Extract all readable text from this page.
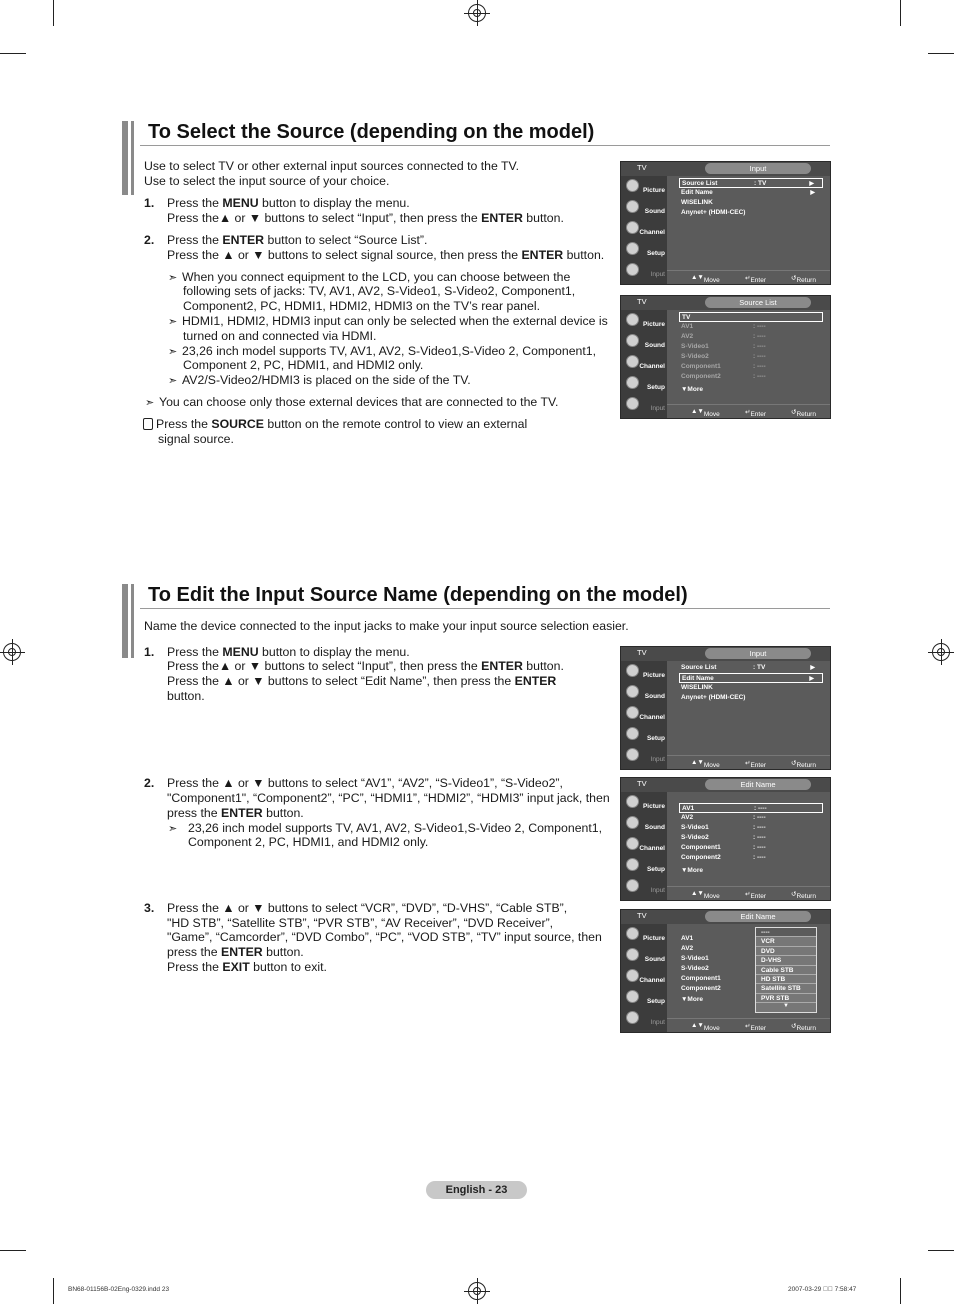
To Select the Source (depending on the model)
Use to select TV or other external input sources connected to the TV.
Use to select the input source of your choice.
1. Press the MENU button to display the menu.
Press the▲ or ▼ buttons to select “Input”, then press the ENTER button.
2. Press the ENTER button to select “Source List”.
Press the ▲ or ▼ buttons to select signal source, then press the ENTER button.
➣ When you connect equipment to the LCD, you can choose between the
following sets of jacks: TV, AV1, AV2, S-Video1, S-Video2, Component1,
Component2, PC, HDMI1, HDMI2, HDMI3 on the TV’s rear panel.
➣ HDMI1, HDMI2, HDMI3 input can only be selected when the external device is
turned on and connected via HDMI.
➣ 23,26 inch model supports TV, AV1, AV2, S-Video1,S-Video 2, Component1,
Component 2, PC, HDMI1, and HDMI2 only.
➣ AV2/S-Video2/HDMI3 is placed on the side of the TV.
➣ You can choose only those external devices that are connected to the TV.
Press the SOURCE button on the remote control to view an external
signal source.
TV	Input
Picture
Sound
Channel
Setup
Input
Source List	: TV	▶
Edit Name	▶
WISELINK
Anynet+ (HDMI-CEC)
▲▼ Move	↵ Enter	↺ Return
TV	Source List
Picture
Sound
Channel
Setup
Input
TV
AV1	: ----
AV2	: ----
S-Video1	: ----
S-Video2	: ----
Component1	: ----
Component2	: ----
▼More
▲▼ Move	↵ Enter	↺ Return
To Edit the Input Source Name (depending on the model)
Name the device connected to the input jacks to make your input source selection easier.
1. Press the MENU button to display the menu.
Press the▲ or ▼ buttons to select “Input”, then press the ENTER button.
Press the ▲ or ▼ buttons to select “Edit Name”, then press the ENTER
button.
2. Press the ▲ or ▼ buttons to select “AV1”, “AV2”, “S-Video1”, “S-Video2”,
"Component1", “Component2”, “PC”, “HDMI1”, “HDMI2”, “HDMI3” input jack, then
press the ENTER button.
➣ 23,26 inch model supports TV, AV1, AV2, S-Video1,S-Video 2, Component1,
Component 2, PC, HDMI1, and HDMI2 only.
3. Press the ▲ or ▼ buttons to select “VCR”, “DVD”, “D-VHS”, “Cable STB”,
"HD STB”, “Satellite STB”, “PVR STB”, “AV Receiver”, “DVD Receiver”,
"Game”, “Camcorder”, “DVD Combo”, “PC”, “VOD STB”, “TV” input source, then
press the ENTER button.
Press the EXIT button to exit.
TV	Input
Picture
Sound
Channel
Setup
Input
Source List	: TV	▶
Edit Name	▶
WISELINK
Anynet+ (HDMI-CEC)
▲▼ Move	↵ Enter	↺ Return
TV	Edit Name
Picture
Sound
Channel
Setup
Input
AV1	: ----
AV2	: ----
S-Video1	: ----
S-Video2	: ----
Component1	: ----
Component2	: ----
▼More
▲▼ Move	↵ Enter	↺ Return
TV	Edit Name
Picture
Sound
Channel
Setup
Input
AV1
AV2
S-Video1
S-Video2
Component1
Component2
▼More
----
VCR
DVD
D-VHS
Cable STB
HD STB
Satellite STB
PVR STB
▼
▲▼ Move	↵ Enter	↺ Return
English - 23
BN68-01156B-02Eng-0329.indd 23	2007-03-29 ￿￿ 7:58:47
